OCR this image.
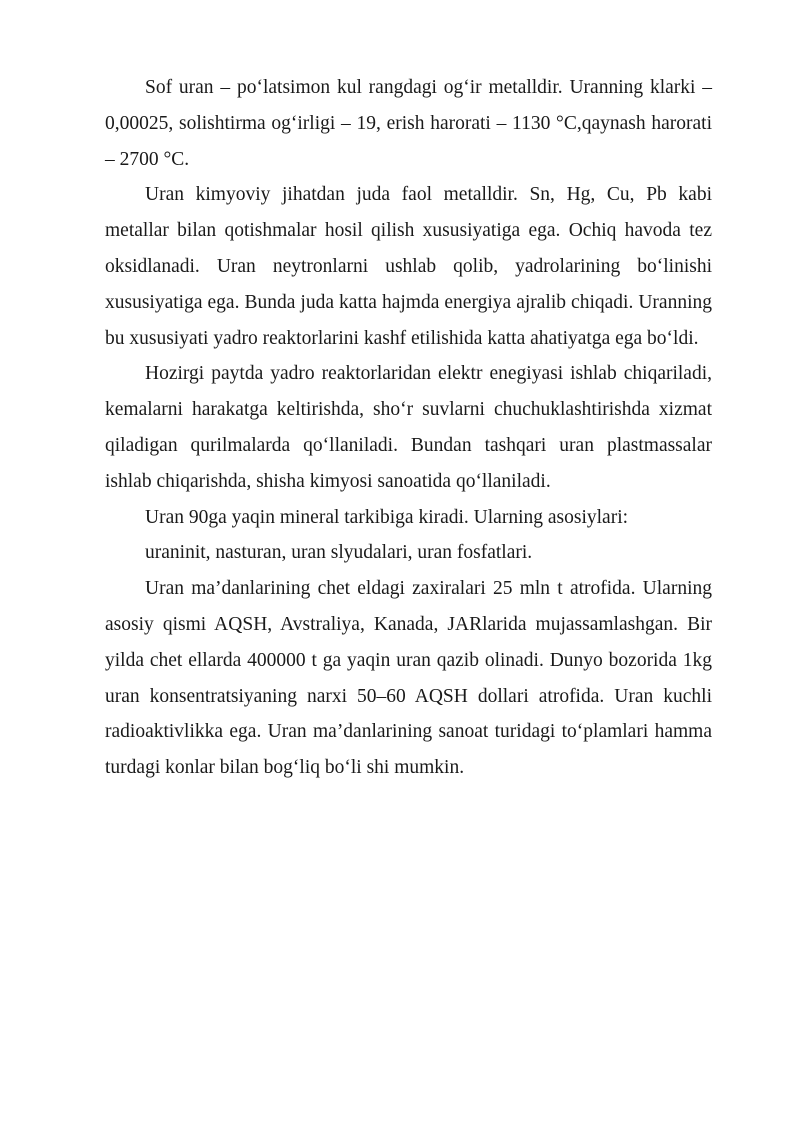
Sof uran – po‘latsimon kul rangdagi og‘ir metalldir. Uranning klarki – 0,00025, solishtirma og‘irligi – 19, erish harorati – 1130 °C,qaynash harorati – 2700 °C.

Uran kimyoviy jihatdan juda faol metalldir. Sn, Hg, Cu, Pb kabi metallar bilan qotishmalar hosil qilish xususiyatiga ega. Ochiq havoda tez oksidlanadi. Uran neytronlarni ushlab qolib, yadrolarining bo‘linishi xususiyatiga ega. Bunda juda katta hajmda energiya ajralib chiqadi. Uranning bu xususiyati yadro reaktorlarini kashf etilishida katta ahatiyatga ega bo‘ldi.

Hozirgi paytda yadro reaktorlaridan elektr enegiyasi ishlab chiqariladi, kemalarni harakatga keltirishda, sho‘r suvlarni chuchuklashtirishda xizmat qiladigan qurilmalarda qo‘llaniladi. Bundan tashqari uran plastmassalar ishlab chiqarishda, shisha kimyosi sanoatida qo‘llaniladi.

Uran 90ga yaqin mineral tarkibiga kiradi. Ularning asosiylari:

uraninit, nasturan, uran slyudalari, uran fosfatlari.

Uran ma’danlarining chet eldagi zaxiralari 25 mln t atrofida. Ularning asosiy qismi AQSH, Avstraliya, Kanada, JARlarida mujassamlashgan. Bir yilda chet ellarda 400000 t ga yaqin uran qazib olinadi. Dunyo bozorida 1kg uran konsentratsiyaning narxi 50–60 AQSH dollari atrofida. Uran kuchli radioaktivlikka ega. Uran ma’danlarining sanoat turidagi to‘plamlari hamma turdagi konlar bilan bog‘liq bo‘li shi mumkin.
